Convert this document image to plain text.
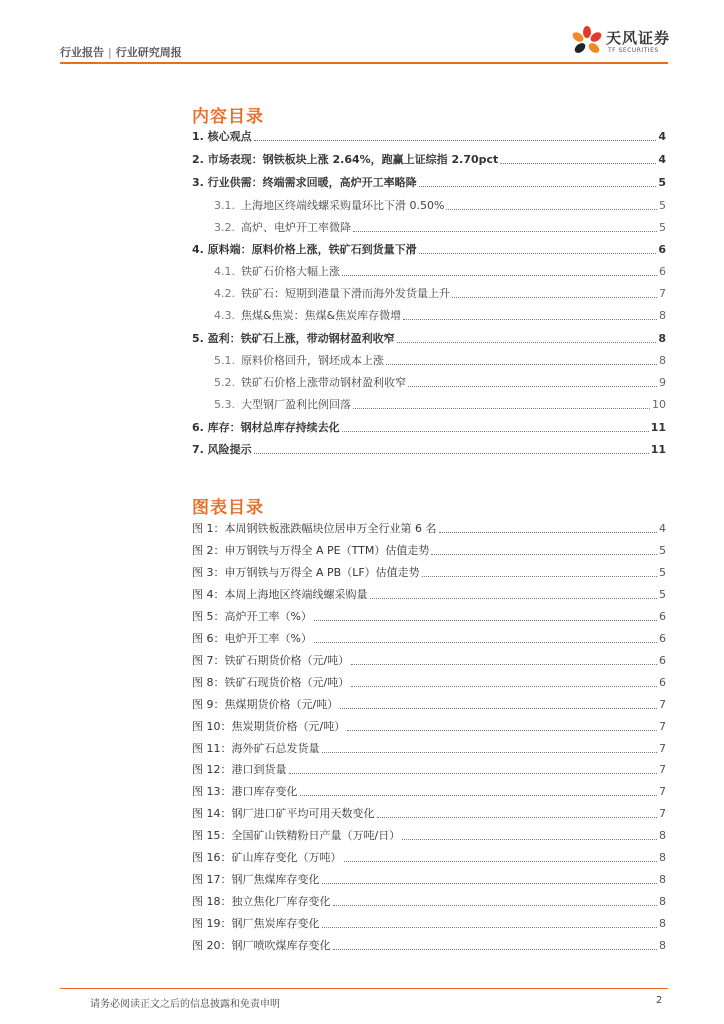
行业报告 | 行业研究周报
天风证券
TF SECURITIES
内容目录
1. 核心观点	4
2. 市场表现：钢铁板块上涨 2.64%，跑赢上证综指 2.70pct	4
3. 行业供需：终端需求回暖，高炉开工率略降	5
3.1. 上海地区终端线螺采购量环比下滑 0.50%	5
3.2. 高炉、电炉开工率微降	5
4. 原料端：原料价格上涨，铁矿石到货量下滑	6
4.1. 铁矿石价格大幅上涨	6
4.2. 铁矿石：短期到港量下滑而海外发货量上升	7
4.3. 焦煤&焦炭：焦煤&焦炭库存微增	8
5. 盈利：铁矿石上涨，带动钢材盈利收窄	8
5.1. 原料价格回升，钢坯成本上涨	8
5.2. 铁矿石价格上涨带动钢材盈利收窄	9
5.3. 大型钢厂盈利比例回落	10
6. 库存：钢材总库存持续去化	11
7. 风险提示	11
图表目录
图 1：本周钢铁板涨跌幅块位居申万全行业第 6 名	4
图 2：申万钢铁与万得全 A PE（TTM）估值走势	5
图 3：申万钢铁与万得全 A PB（LF）估值走势	5
图 4：本周上海地区终端线螺采购量	5
图 5：高炉开工率（%）	6
图 6：电炉开工率（%）	6
图 7：铁矿石期货价格（元/吨）	6
图 8：铁矿石现货价格（元/吨）	6
图 9：焦煤期货价格（元/吨）	7
图 10：焦炭期货价格（元/吨）	7
图 11：海外矿石总发货量	7
图 12：港口到货量	7
图 13：港口库存变化	7
图 14：钢厂进口矿平均可用天数变化	7
图 15：全国矿山铁精粉日产量（万吨/日）	8
图 16：矿山库存变化（万吨）	8
图 17：钢厂焦煤库存变化	8
图 18：独立焦化厂库存变化	8
图 19：钢厂焦炭库存变化	8
图 20：钢厂喷吹煤库存变化	8
请务必阅读正文之后的信息披露和免责申明	2
